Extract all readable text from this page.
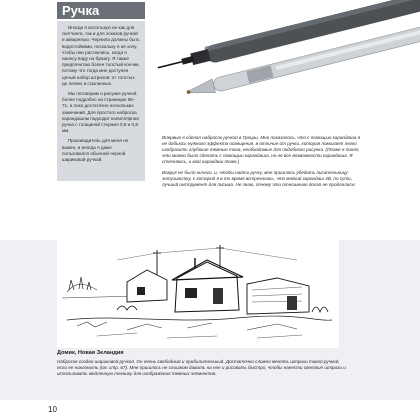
Ручка

Иногда я использую ее как для скетчинга, так и для эскизов ручкой и акварелью. Чернила должны быть водостойкими, поскольку я не хочу, чтобы они растеклись, когда я нанесу воду на бумагу. Я также предпочитаю более толстый кончик, потому что тогда мне доступен целый набор штрихов: от толстых до легких и ссыпанных.

Мы поговорим о рисунке ручкой более подробно на страницах 66–71, а пока достаточно нескольких замечаний. Для простого наброска карандашом подходит капиллярная ручка с толщиной стержня 0,5 и 0,8 мм.

Производитель для меня не важен, и иногда я даже пользовался обычной черной шариковой ручкой.

Впервые я сделал набросок ручкой в Греции. Мне показалось, что с помощью карандаша я не добьюсь нужного эффекта освещения, в отличие от ручки, которая помогает легко изобразить глубокие темные тона, необходимые для подобного рисунка. (Позже я понял, что можно было сделать с помощью карандаша, но не все возможности карандаша. Я стесняюсь, и мой карандаш тоже.)

Вокруг не было ничего, и, чтобы найти ручку, мне пришлось убедить писательницу-энтузиастку, с которой я в то время встречалась, что мягкий карандаш 4B, по сути, лучший инструмент для письма. Не знаю, почему эти отношения долго не продлились!

Домик, Новая Зеландия
Набросок создан шариковой ручкой. Он очень свободный и прибилительный. Достаточно сложно менять штрихи такой ручкой, если ее наклонить (см. стр. 67). Мне пришлось не слишком давить на нее и рисовать быстро, чтобы нанести светлые штрихи и использовать медленную технику для изображения темных элементов.
10
